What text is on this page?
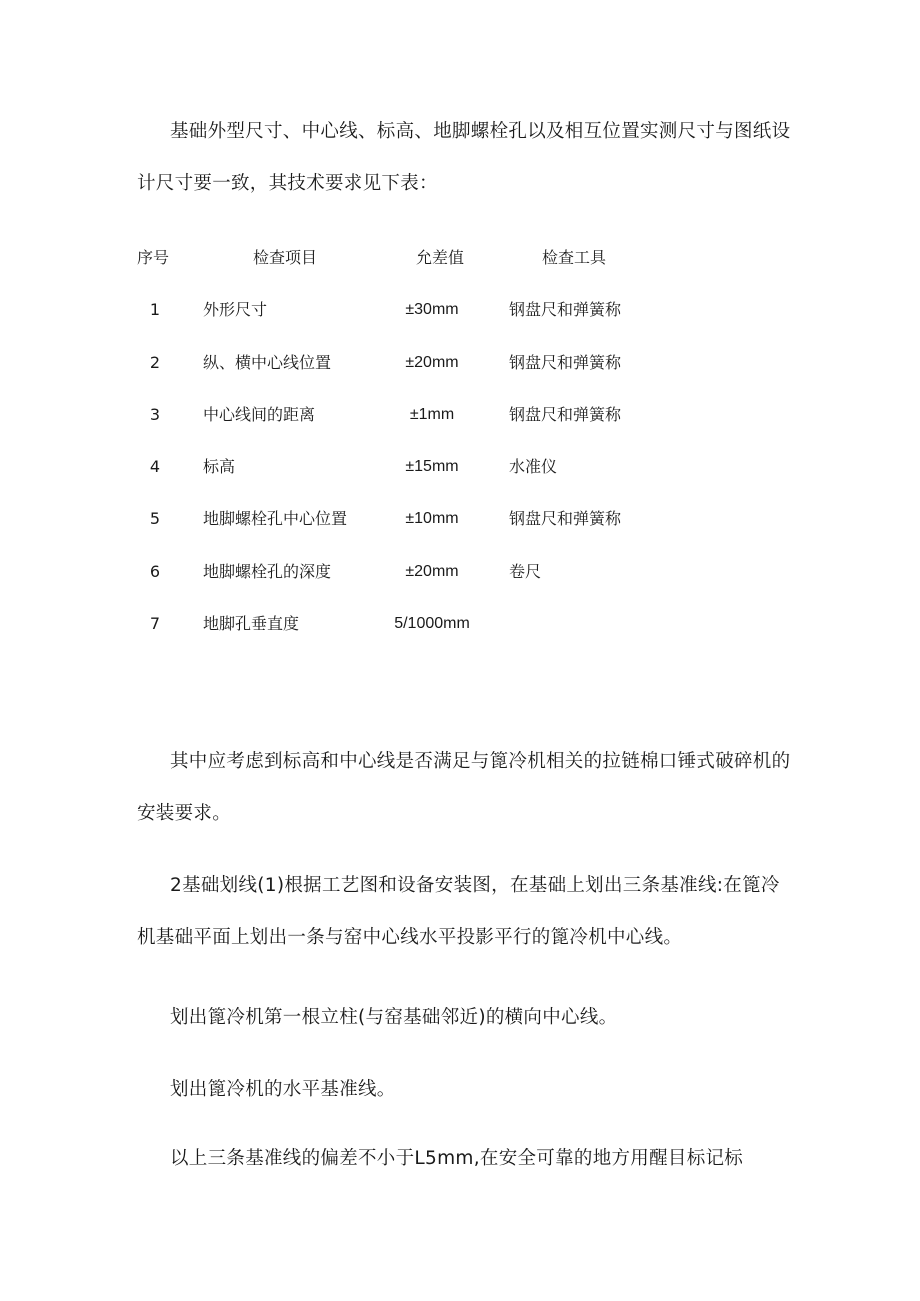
基础外型尺寸、中心线、标高、地脚螺栓孔以及相互位置实测尺寸与图纸设计尺寸要一致，其技术要求见下表：

序号	检查项目	允差值	检查工具
1	外形尺寸	±30mm	钢盘尺和弹簧称
2	纵、横中心线位置	±20mm	钢盘尺和弹簧称
3	中心线间的距离	±1mm	钢盘尺和弹簧称
4	标高	±15mm	水准仪
5	地脚螺栓孔中心位置	±10mm	钢盘尺和弹簧称
6	地脚螺栓孔的深度	±20mm	卷尺
7	地脚孔垂直度	5/1000mm

其中应考虑到标高和中心线是否满足与篦冷机相关的拉链棉口锤式破碎机的安装要求。

2基础划线(1)根据工艺图和设备安装图，在基础上划出三条基准线:在篦冷机基础平面上划出一条与窑中心线水平投影平行的篦冷机中心线。

划出篦冷机第一根立柱(与窑基础邻近)的横向中心线。

划出篦冷机的水平基准线。

以上三条基准线的偏差不小于L5mm,在安全可靠的地方用醒目标记标
